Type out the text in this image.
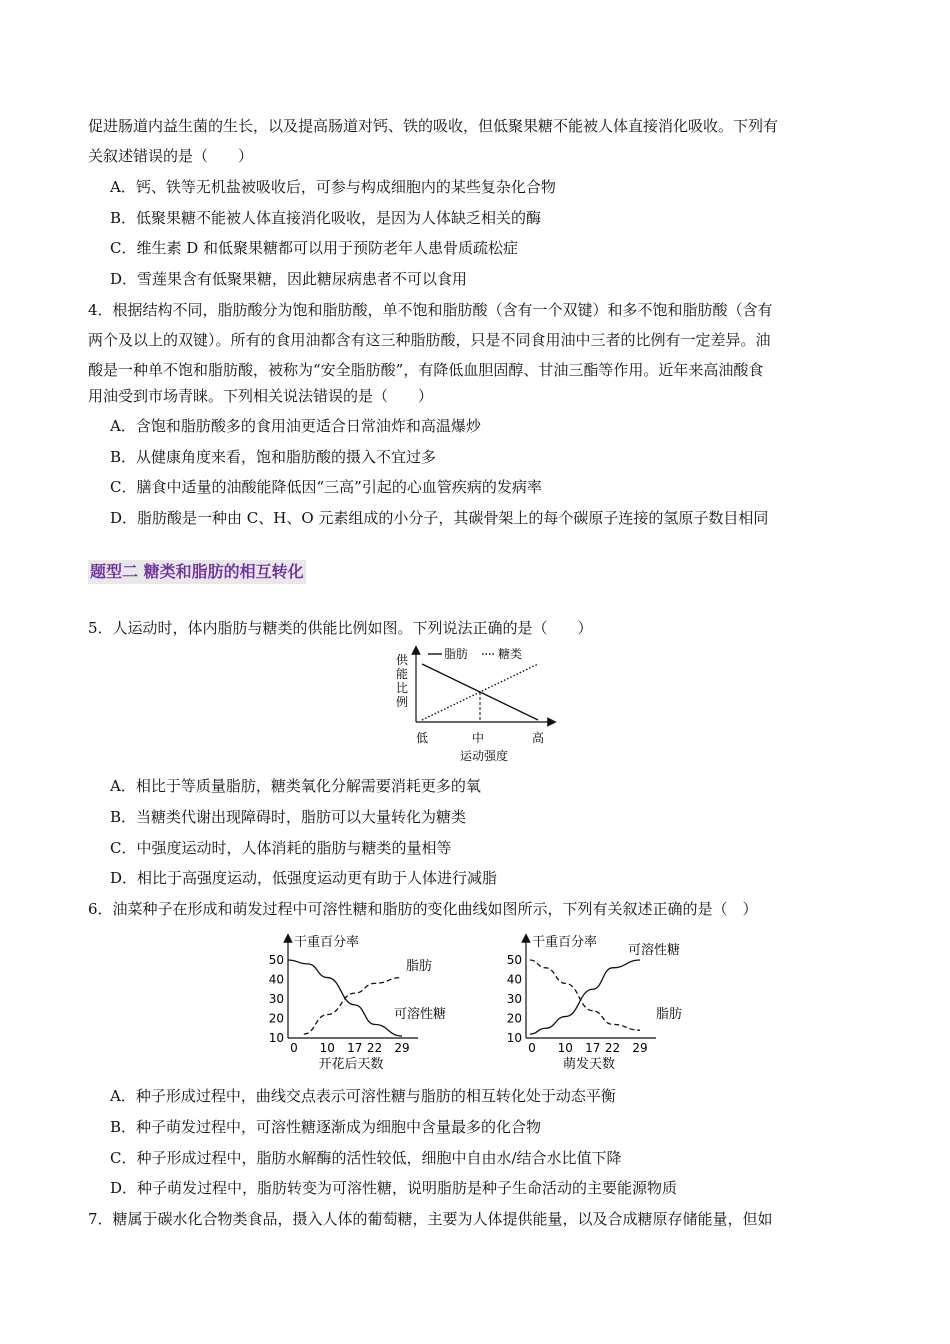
促进肠道内益生菌的生长，以及提高肠道对钙、铁的吸收，但低聚果糖不能被人体直接消化吸收。下列有
关叙述错误的是（　　）
A．钙、铁等无机盐被吸收后，可参与构成细胞内的某些复杂化合物
B．低聚果糖不能被人体直接消化吸收，是因为人体缺乏相关的酶
C．维生素 D 和低聚果糖都可以用于预防老年人患骨质疏松症
D．雪莲果含有低聚果糖，因此糖尿病患者不可以食用
4．根据结构不同，脂肪酸分为饱和脂肪酸，单不饱和脂肪酸（含有一个双键）和多不饱和脂肪酸（含有
两个及以上的双键）。所有的食用油都含有这三种脂肪酸，只是不同食用油中三者的比例有一定差异。油
酸是一种单不饱和脂肪酸，被称为“安全脂肪酸”，有降低血胆固醇、甘油三酯等作用。近年来高油酸食
用油受到市场青睐。下列相关说法错误的是（　　）
A．含饱和脂肪酸多的食用油更适合日常油炸和高温爆炒
B．从健康角度来看，饱和脂肪酸的摄入不宜过多
C．膳食中适量的油酸能降低因“三高”引起的心血管疾病的发病率
D．脂肪酸是一种由 C、H、O 元素组成的小分子，其碳骨架上的每个碳原子连接的氢原子数目相同
题型二 糖类和脂肪的相互转化
5．人运动时，体内脂肪与糖类的供能比例如图。下列说法正确的是（　　）
脂肪 糖类
供
能
比
例
低	中	高
运动强度
A．相比于等质量脂肪，糖类氧化分解需要消耗更多的氧
B．当糖类代谢出现障碍时，脂肪可以大量转化为糖类
C．中强度运动时，人体消耗的脂肪与糖类的量相等
D．相比于高强度运动，低强度运动更有助于人体进行减脂
6．油菜种子在形成和萌发过程中可溶性糖和脂肪的变化曲线如图所示，下列有关叙述正确的是（　）
干重百分率
10
20
30
40
50
10 17 22 29
0
开花后天数
脂肪
可溶性糖
干重百分率
10
20
30
40
50
10 17 22 29
0
萌发天数
可溶性糖
脂肪
A．种子形成过程中，曲线交点表示可溶性糖与脂肪的相互转化处于动态平衡
B．种子萌发过程中，可溶性糖逐渐成为细胞中含量最多的化合物
C．种子形成过程中，脂肪水解酶的活性较低，细胞中自由水/结合水比值下降
D．种子萌发过程中，脂肪转变为可溶性糖，说明脂肪是种子生命活动的主要能源物质
7．糖属于碳水化合物类食品，摄入人体的葡萄糖，主要为人体提供能量，以及合成糖原存储能量，但如
